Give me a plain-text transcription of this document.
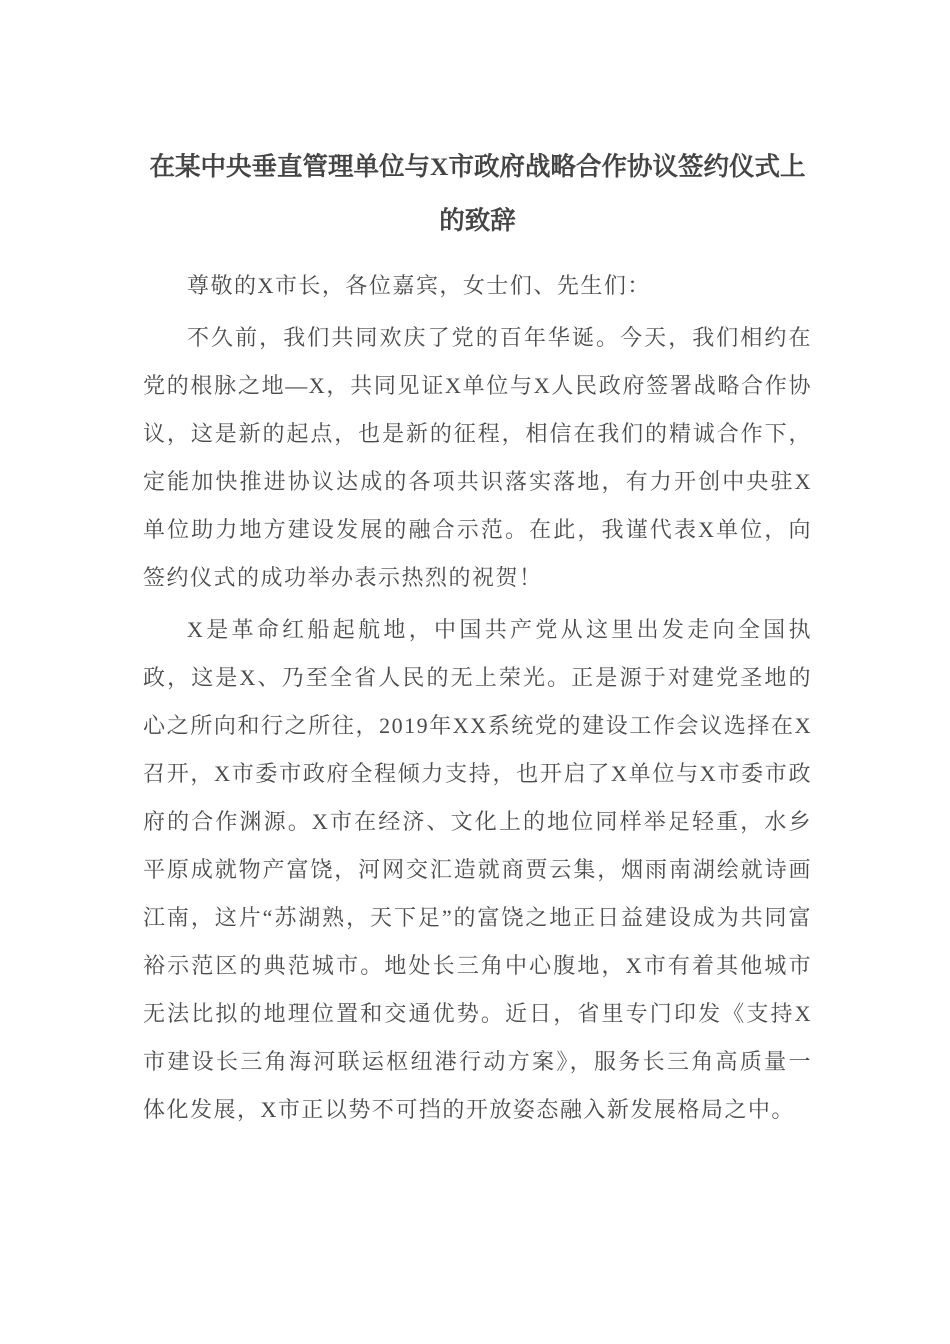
在某中央垂直管理单位与X市政府战略合作协议签约仪式上的致辞

尊敬的X市长，各位嘉宾，女士们、先生们：

不久前，我们共同欢庆了党的百年华诞。今天，我们相约在党的根脉之地—X，共同见证X单位与X人民政府签署战略合作协议，这是新的起点，也是新的征程，相信在我们的精诚合作下，定能加快推进协议达成的各项共识落实落地，有力开创中央驻X单位助力地方建设发展的融合示范。在此，我谨代表X单位，向签约仪式的成功举办表示热烈的祝贺！

X是革命红船起航地，中国共产党从这里出发走向全国执政，这是X、乃至全省人民的无上荣光。正是源于对建党圣地的心之所向和行之所往，2019年XX系统党的建设工作会议选择在X召开，X市委市政府全程倾力支持，也开启了X单位与X市委市政府的合作渊源。X市在经济、文化上的地位同样举足轻重，水乡平原成就物产富饶，河网交汇造就商贾云集，烟雨南湖绘就诗画江南，这片“苏湖熟，天下足”的富饶之地正日益建设成为共同富裕示范区的典范城市。地处长三角中心腹地，X市有着其他城市无法比拟的地理位置和交通优势。近日，省里专门印发《支持X市建设长三角海河联运枢纽港行动方案》，服务长三角高质量一体化发展，X市正以势不可挡的开放姿态融入新发展格局之中。
